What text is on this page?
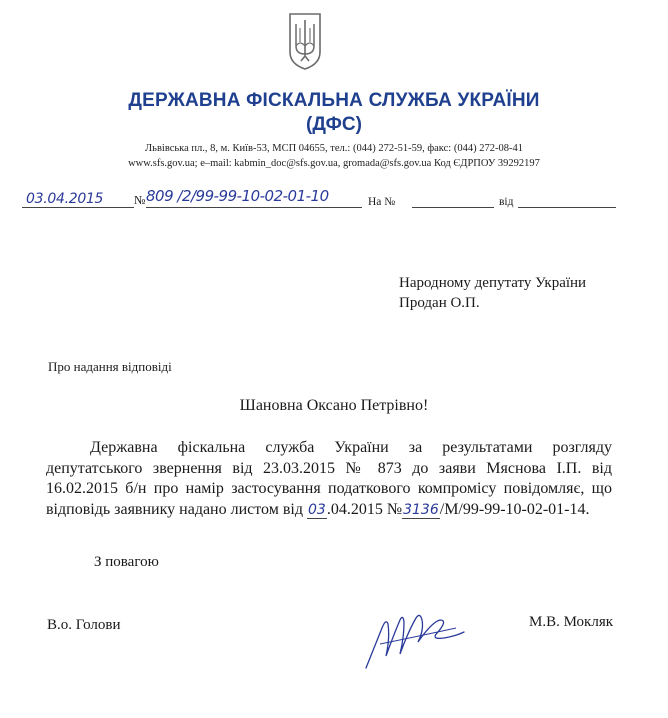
ДЕРЖАВНА ФІСКАЛЬНА СЛУЖБА УКРАЇНИ
(ДФС)
Львівська пл., 8, м. Київ-53, МСП 04655, тел.: (044) 272-51-59, факс: (044) 272-08-41
www.sfs.gov.ua; e–mail: kabmin_doc@sfs.gov.ua, gromada@sfs.gov.ua Код ЄДРПОУ 39292197
03.04.2015	№ 809 /2/99-99-10-02-01-10	На №	від
Народному депутату України
Продан О.П.
Про надання відповіді
Шановна Оксано Петрівно!
Державна фіскальна служба України за результатами розгляду депутатського звернення від 23.03.2015 № 873 до заяви Мяснова І.П. від 16.02.2015 б/н про намір застосування податкового компромісу повідомляє, що відповідь заявнику надано листом від 03.04.2015 №3136/М/99-99-10-02-01-14.
З повагою
В.о. Голови	М.В. Мокляк
